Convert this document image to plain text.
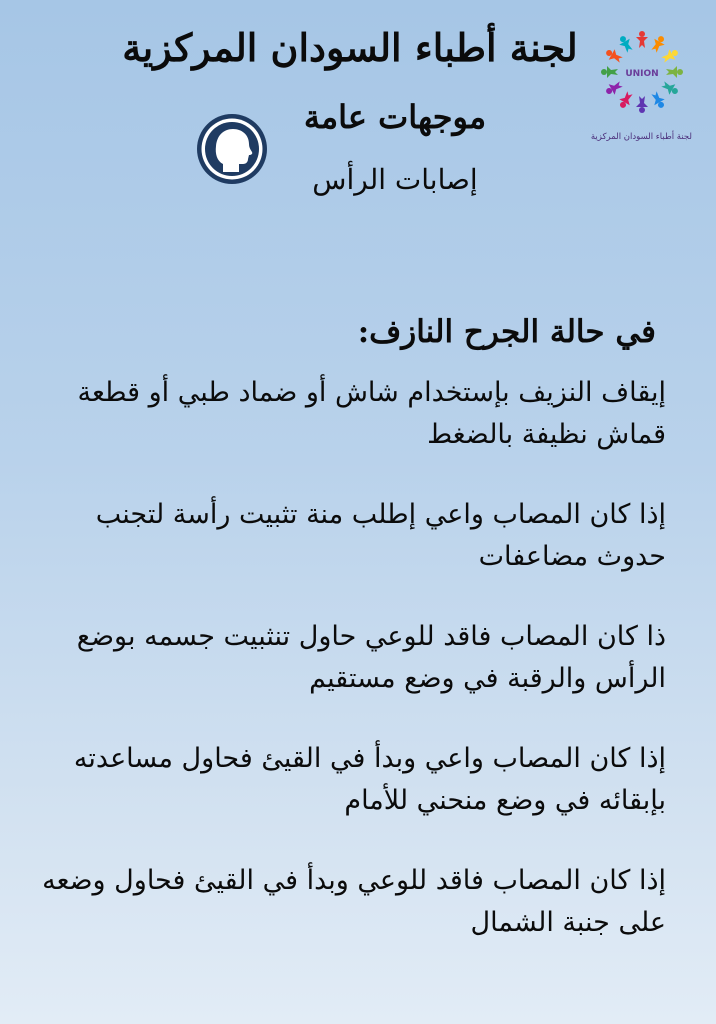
لجنة أطباء السودان المركزية
UNION
لجنة أطباء السودان المركزية
موجهات عامة
إصابات الرأس
في حالة الجرح النازف:
إيقاف النزيف بإستخدام شاش أو ضماد طبي أو قطعة قماش نظيفة بالضغط
إذا كان المصاب واعي إطلب منة تثبيت رأسة لتجنب حدوث مضاعفات
ذا كان المصاب فاقد للوعي حاول تنثبيت جسمه بوضع الرأس والرقبة في وضع مستقيم
إذا كان المصاب واعي وبدأ في القيئ فحاول مساعدته بإبقائه في وضع منحني للأمام
إذا كان المصاب فاقد للوعي وبدأ في القيئ فحاول وضعه على جنبة الشمال
